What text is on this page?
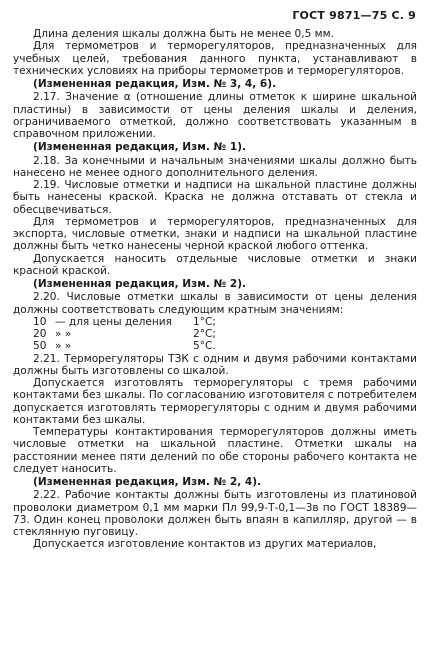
ГОСТ 9871—75 С. 9

Длина деления шкалы должна быть не менее 0,5 мм.

Для термометров и терморегуляторов, предназначенных для учебных целей, требования данного пункта, устанавливают в технических условиях на приборы термометров и терморегуляторов.

(Измененная редакция, Изм. № 3, 4, 6).

2.17. Значение α (отношение длины отметок к ширине шкальной пластины) в зависимости от цены деления шкалы и деления, ограничиваемого отметкой, должно соответствовать указанным в справочном приложении.

(Измененная редакция, Изм. № 1).

2.18. За конечными и начальным значениями шкалы должно быть нанесено не менее одного дополнительного деления.

2.19. Числовые отметки и надписи на шкальной пластине должны быть нанесены краской. Краска не должна отставать от стекла и обесцвечиваться.

Для термометров и терморегуляторов, предназначенных для экспорта, числовые отметки, знаки и надписи на шкальной пластине должны быть четко нанесены черной краской любого оттенка.

Допускается наносить отдельные числовые отметки и знаки красной краской.

(Измененная редакция, Изм. № 2).

2.20. Числовые отметки шкалы в зависимости от цены деления должны соответствовать следующим кратным значениям:

10 — для цены деления	1°С;
20 » »	2°С;
50 » »	5°С.

2.21. Терморегуляторы ТЗК с одним и двумя рабочими контактами должны быть изготовлены со шкалой.

Допускается изготовлять терморегуляторы с тремя рабочими контактами без шкалы. По согласованию изготовителя с потребителем допускается изготовлять терморегуляторы с одним и двумя рабочими контактами без шкалы.

Температуры контактирования терморегуляторов должны иметь числовые отметки на шкальной пластине. Отметки шкалы на расстоянии менее пяти делений по обе стороны рабочего контакта не следует наносить.

(Измененная редакция, Изм. № 2, 4).

2.22. Рабочие контакты должны быть изготовлены из платиновой проволоки диаметром 0,1 мм марки Пл 99,9-Т-0,1—3в по ГОСТ 18389—73. Один конец проволоки должен быть впаян в капилляр, другой — в стеклянную пуговицу.

Допускается изготовление контактов из других материалов,
